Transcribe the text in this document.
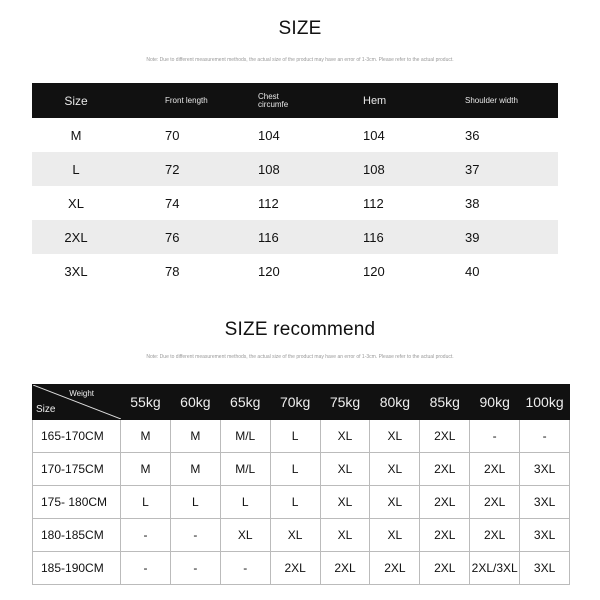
SIZE
Note: Due to different measurement methods, the actual size of the product may have an error of 1-3cm. Please refer to the actual product.
Size	Front length	Chest circumfe	Hem	Shoulder width
M	70	104	104	36
L	72	108	108	37
XL	74	112	112	38
2XL	76	116	116	39
3XL	78	120	120	40
SIZE recommend
Note: Due to different measurement methods, the actual size of the product may have an error of 1-3cm. Please refer to the actual product.
Weight
Size	55kg	60kg	65kg	70kg	75kg	80kg	85kg	90kg	100kg
165-170CM	M	M	M/L	L	XL	XL	2XL	-	-
170-175CM	M	M	M/L	L	XL	XL	2XL	2XL	3XL
175- 180CM	L	L	L	L	XL	XL	2XL	2XL	3XL
180-185CM	-	-	XL	XL	XL	XL	2XL	2XL	3XL
185-190CM	-	-	-	2XL	2XL	2XL	2XL	2XL/3XL	3XL
